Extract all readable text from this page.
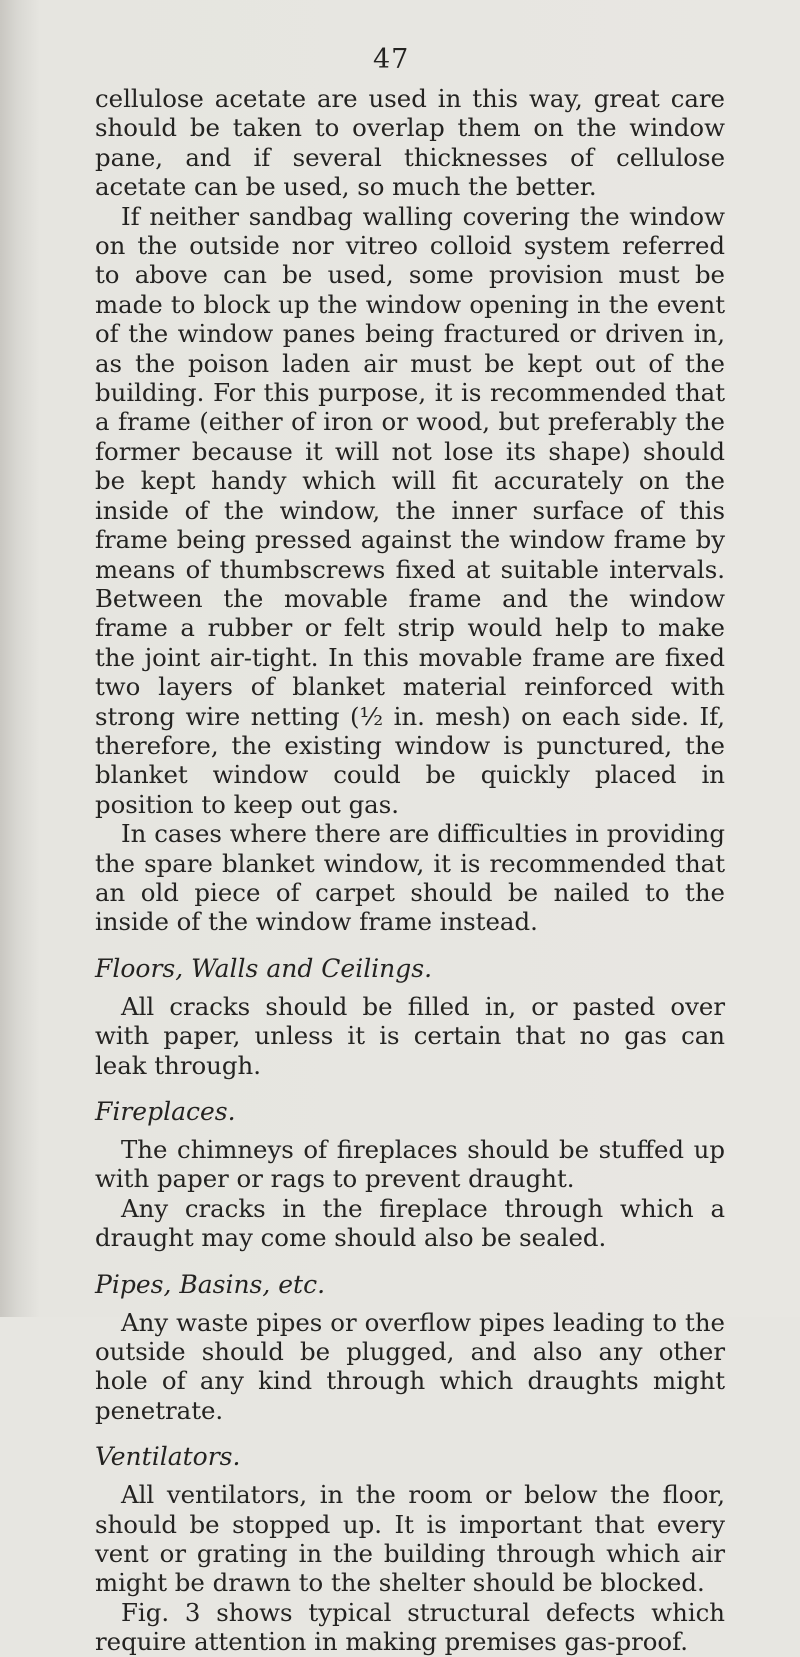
47

cellulose acetate are used in this way, great care should be taken to overlap them on the window pane, and if several thicknesses of cellulose acetate can be used, so much the better.

If neither sandbag walling covering the window on the outside nor vitreo colloid system referred to above can be used, some provision must be made to block up the window opening in the event of the window panes being fractured or driven in, as the poison laden air must be kept out of the building. For this purpose, it is recommended that a frame (either of iron or wood, but preferably the former because it will not lose its shape) should be kept handy which will fit accurately on the inside of the window, the inner surface of this frame being pressed against the window frame by means of thumbscrews fixed at suitable intervals. Between the movable frame and the window frame a rubber or felt strip would help to make the joint air-tight. In this movable frame are fixed two layers of blanket material reinforced with strong wire netting (½ in. mesh) on each side. If, therefore, the existing window is punctured, the blanket window could be quickly placed in position to keep out gas.

In cases where there are difficulties in providing the spare blanket window, it is recommended that an old piece of carpet should be nailed to the inside of the window frame instead.

Floors, Walls and Ceilings.

All cracks should be filled in, or pasted over with paper, unless it is certain that no gas can leak through.

Fireplaces.

The chimneys of fireplaces should be stuffed up with paper or rags to prevent draught.

Any cracks in the fireplace through which a draught may come should also be sealed.

Pipes, Basins, etc.

Any waste pipes or overflow pipes leading to the outside should be plugged, and also any other hole of any kind through which draughts might penetrate.

Ventilators.

All ventilators, in the room or below the floor, should be stopped up. It is important that every vent or grating in the building through which air might be drawn to the shelter should be blocked.

Fig. 3 shows typical structural defects which require attention in making premises gas-proof.
